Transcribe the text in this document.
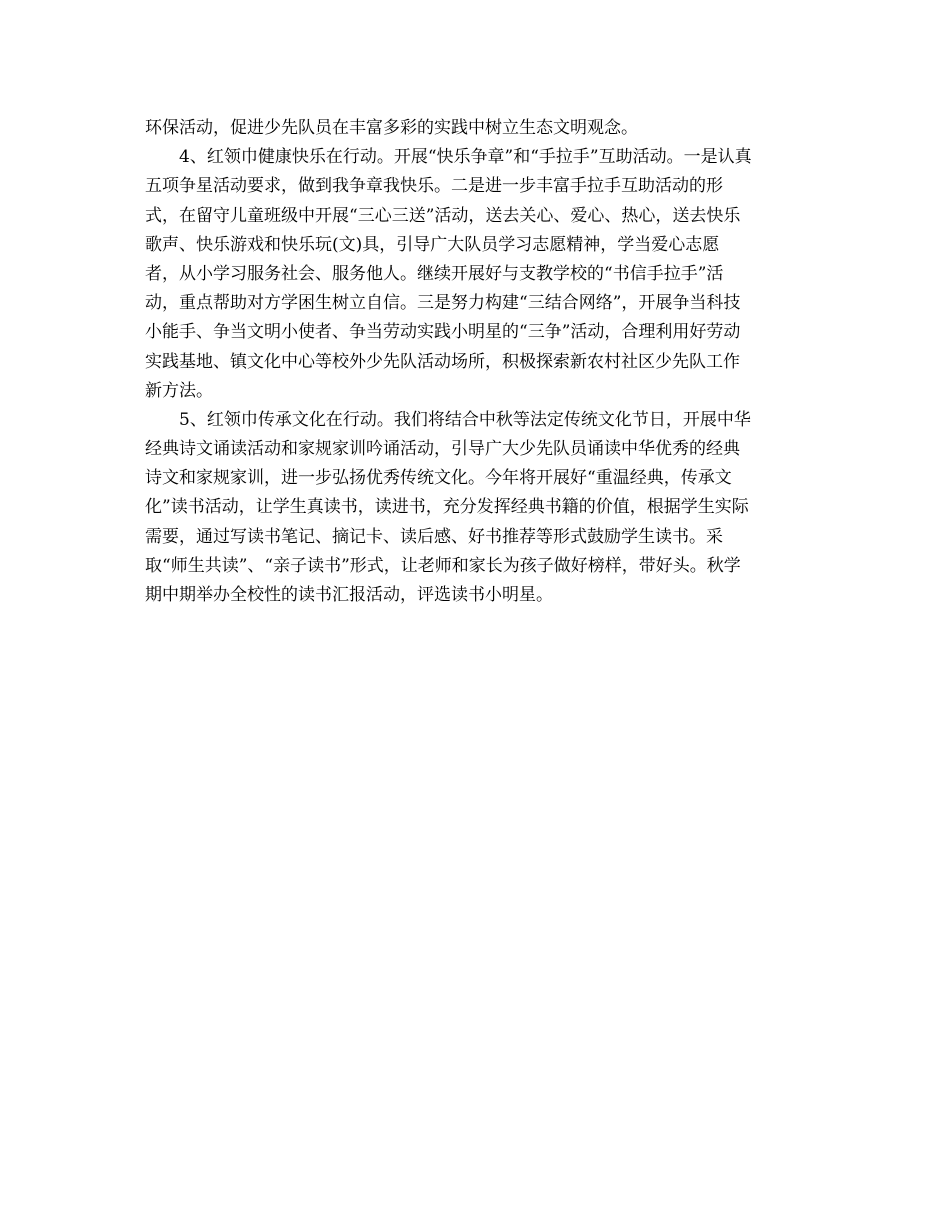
环保活动，促进少先队员在丰富多彩的实践中树立生态文明观念。
4、红领巾健康快乐在行动。开展“快乐争章”和“手拉手”互助活动。一是认真
五项争星活动要求，做到我争章我快乐。二是进一步丰富手拉手互助活动的形
式，在留守儿童班级中开展“三心三送”活动，送去关心、爱心、热心，送去快乐
歌声、快乐游戏和快乐玩(文)具，引导广大队员学习志愿精神，学当爱心志愿
者，从小学习服务社会、服务他人。继续开展好与支教学校的“书信手拉手”活
动，重点帮助对方学困生树立自信。三是努力构建“三结合网络”，开展争当科技
小能手、争当文明小使者、争当劳动实践小明星的“三争”活动，合理利用好劳动
实践基地、镇文化中心等校外少先队活动场所，积极探索新农村社区少先队工作
新方法。
5、红领巾传承文化在行动。我们将结合中秋等法定传统文化节日，开展中华
经典诗文诵读活动和家规家训吟诵活动，引导广大少先队员诵读中华优秀的经典
诗文和家规家训，进一步弘扬优秀传统文化。今年将开展好“重温经典，传承文
化”读书活动，让学生真读书，读进书，充分发挥经典书籍的价值，根据学生实际
需要，通过写读书笔记、摘记卡、读后感、好书推荐等形式鼓励学生读书。采
取“师生共读”、“亲子读书”形式，让老师和家长为孩子做好榜样，带好头。秋学
期中期举办全校性的读书汇报活动，评选读书小明星。
